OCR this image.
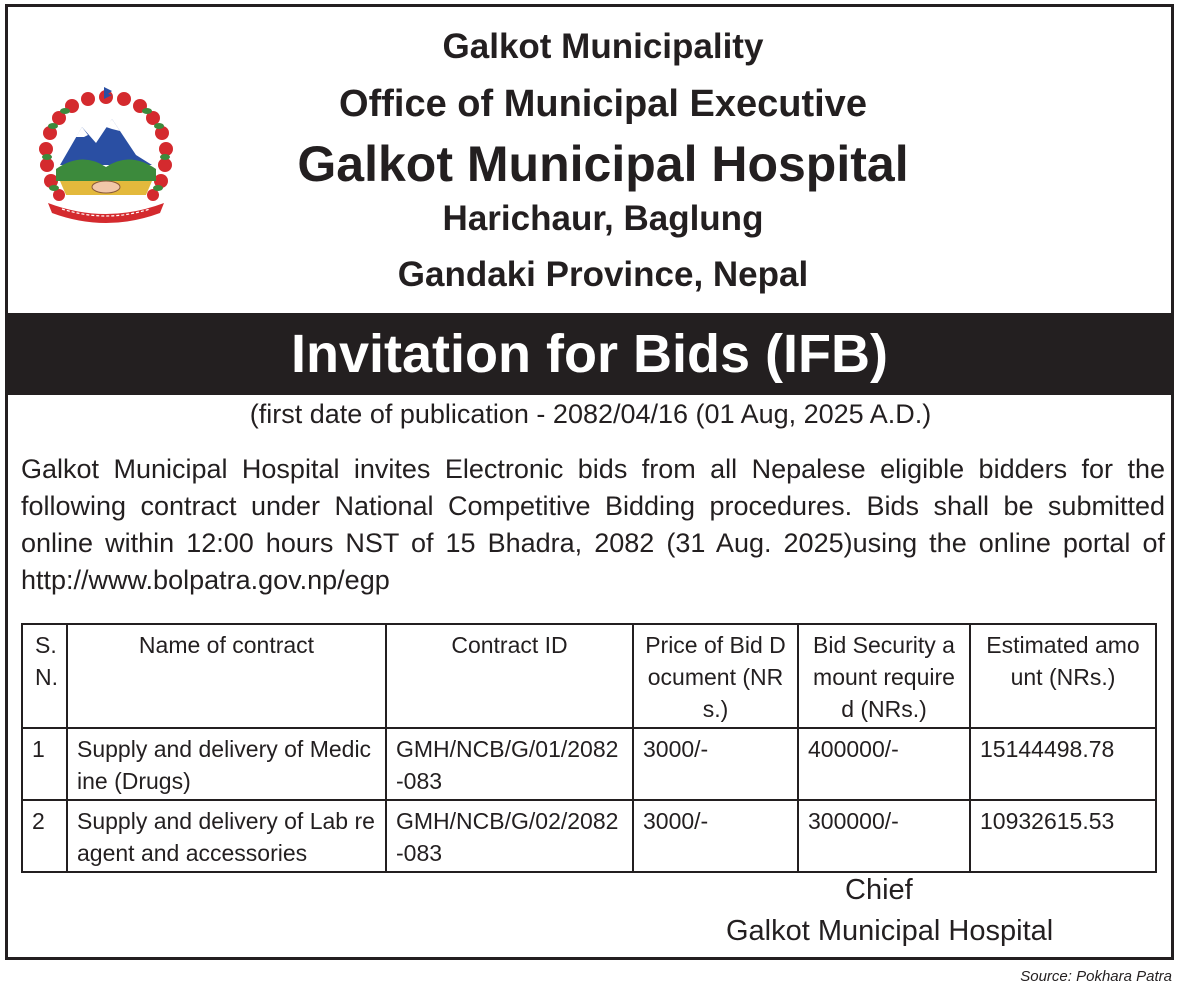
Galkot Municipality
Office of Municipal Executive
Galkot Municipal Hospital
Harichaur, Baglung
Gandaki Province, Nepal
Invitation for Bids (IFB)
(first date of publication - 2082/04/16 (01 Aug, 2025 A.D.)
Galkot Municipal Hospital invites Electronic bids from all Nepalese eligible bidders for the following contract under National Competitive Bidding procedures. Bids shall be submitted online within 12:00 hours NST of 15 Bhadra, 2082 (31 Aug. 2025)using the online portal of http://www.bolpatra.gov.np/egp
S. N.	Name of contract	Contract ID	Price of Bid Document (NRs.)	Bid Security amount required (NRs.)	Estimated amount (NRs.)
1	Supply and delivery of Medicine (Drugs)	GMH/NCB/G/01/2082-083	3000/-	400000/-	15144498.78
2	Supply and delivery of Lab reagent and accessories	GMH/NCB/G/02/2082-083	3000/-	300000/-	10932615.53
Chief
Galkot Municipal Hospital
Source: Pokhara Patra
